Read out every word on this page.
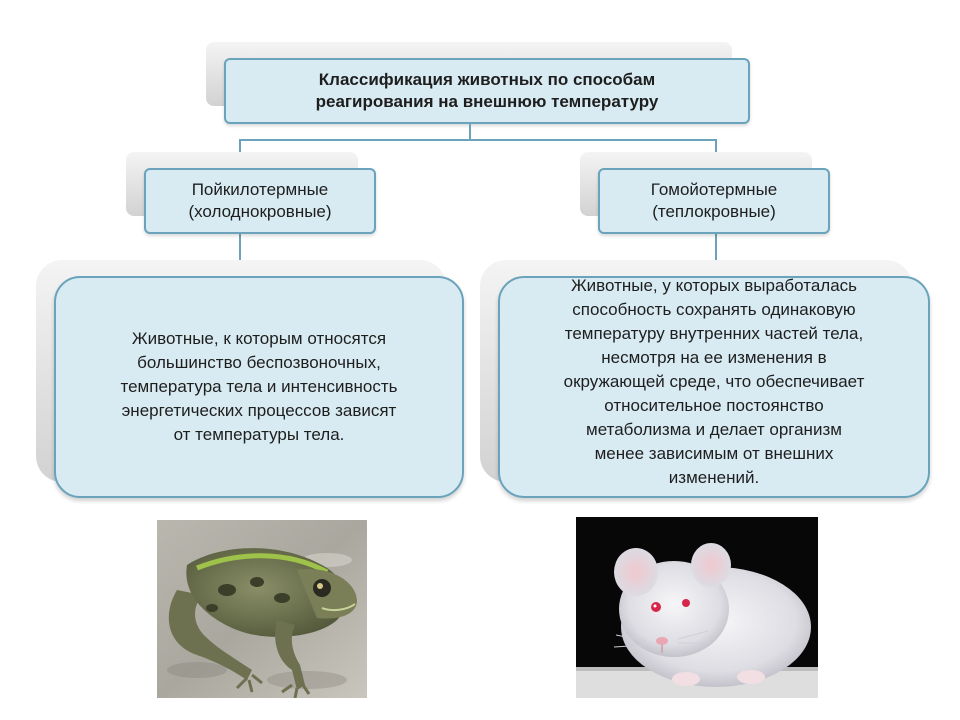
Классификация животных по способам
реагирования на внешнюю температуру
Пойкилотермные
(холоднокровные)
Гомойотермные
(теплокровные)
Животные, к которым относятся
большинство беспозвоночных,
температура тела и интенсивность
энергетических процессов зависят
от температуры тела.
Животные, у которых выработалась
способность сохранять одинаковую
температуру внутренних частей тела,
несмотря на ее изменения в
окружающей среде, что обеспечивает
относительное постоянство
метаболизма и делает организм
менее зависимым от внешних
изменений.
